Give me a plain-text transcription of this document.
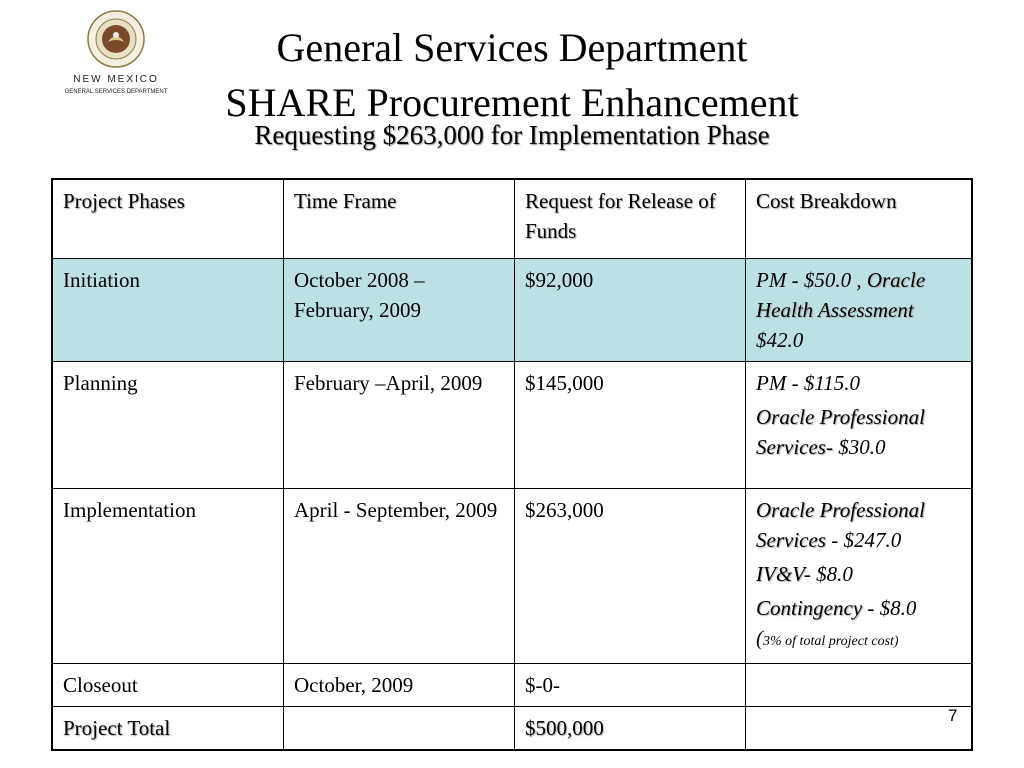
NEW MEXICO
GENERAL SERVICES DEPARTMENT
General Services Department
SHARE Procurement Enhancement
Requesting $263,000 for Implementation Phase
Project Phases	Time Frame	Request for Release of Funds	Cost Breakdown
Initiation	October 2008 – February, 2009	$92,000	PM - $50.0 , Oracle Health Assessment $42.0
Planning	February –April, 2009	$145,000	PM - $115.0
Oracle Professional Services- $30.0

Implementation	April - September, 2009	$263,000	Oracle Professional Services - $247.0
IV&V- $8.0
Contingency - $8.0
(3% of total project cost)
Closeout	October, 2009	$-0-	
Project Total		$500,000	
7
